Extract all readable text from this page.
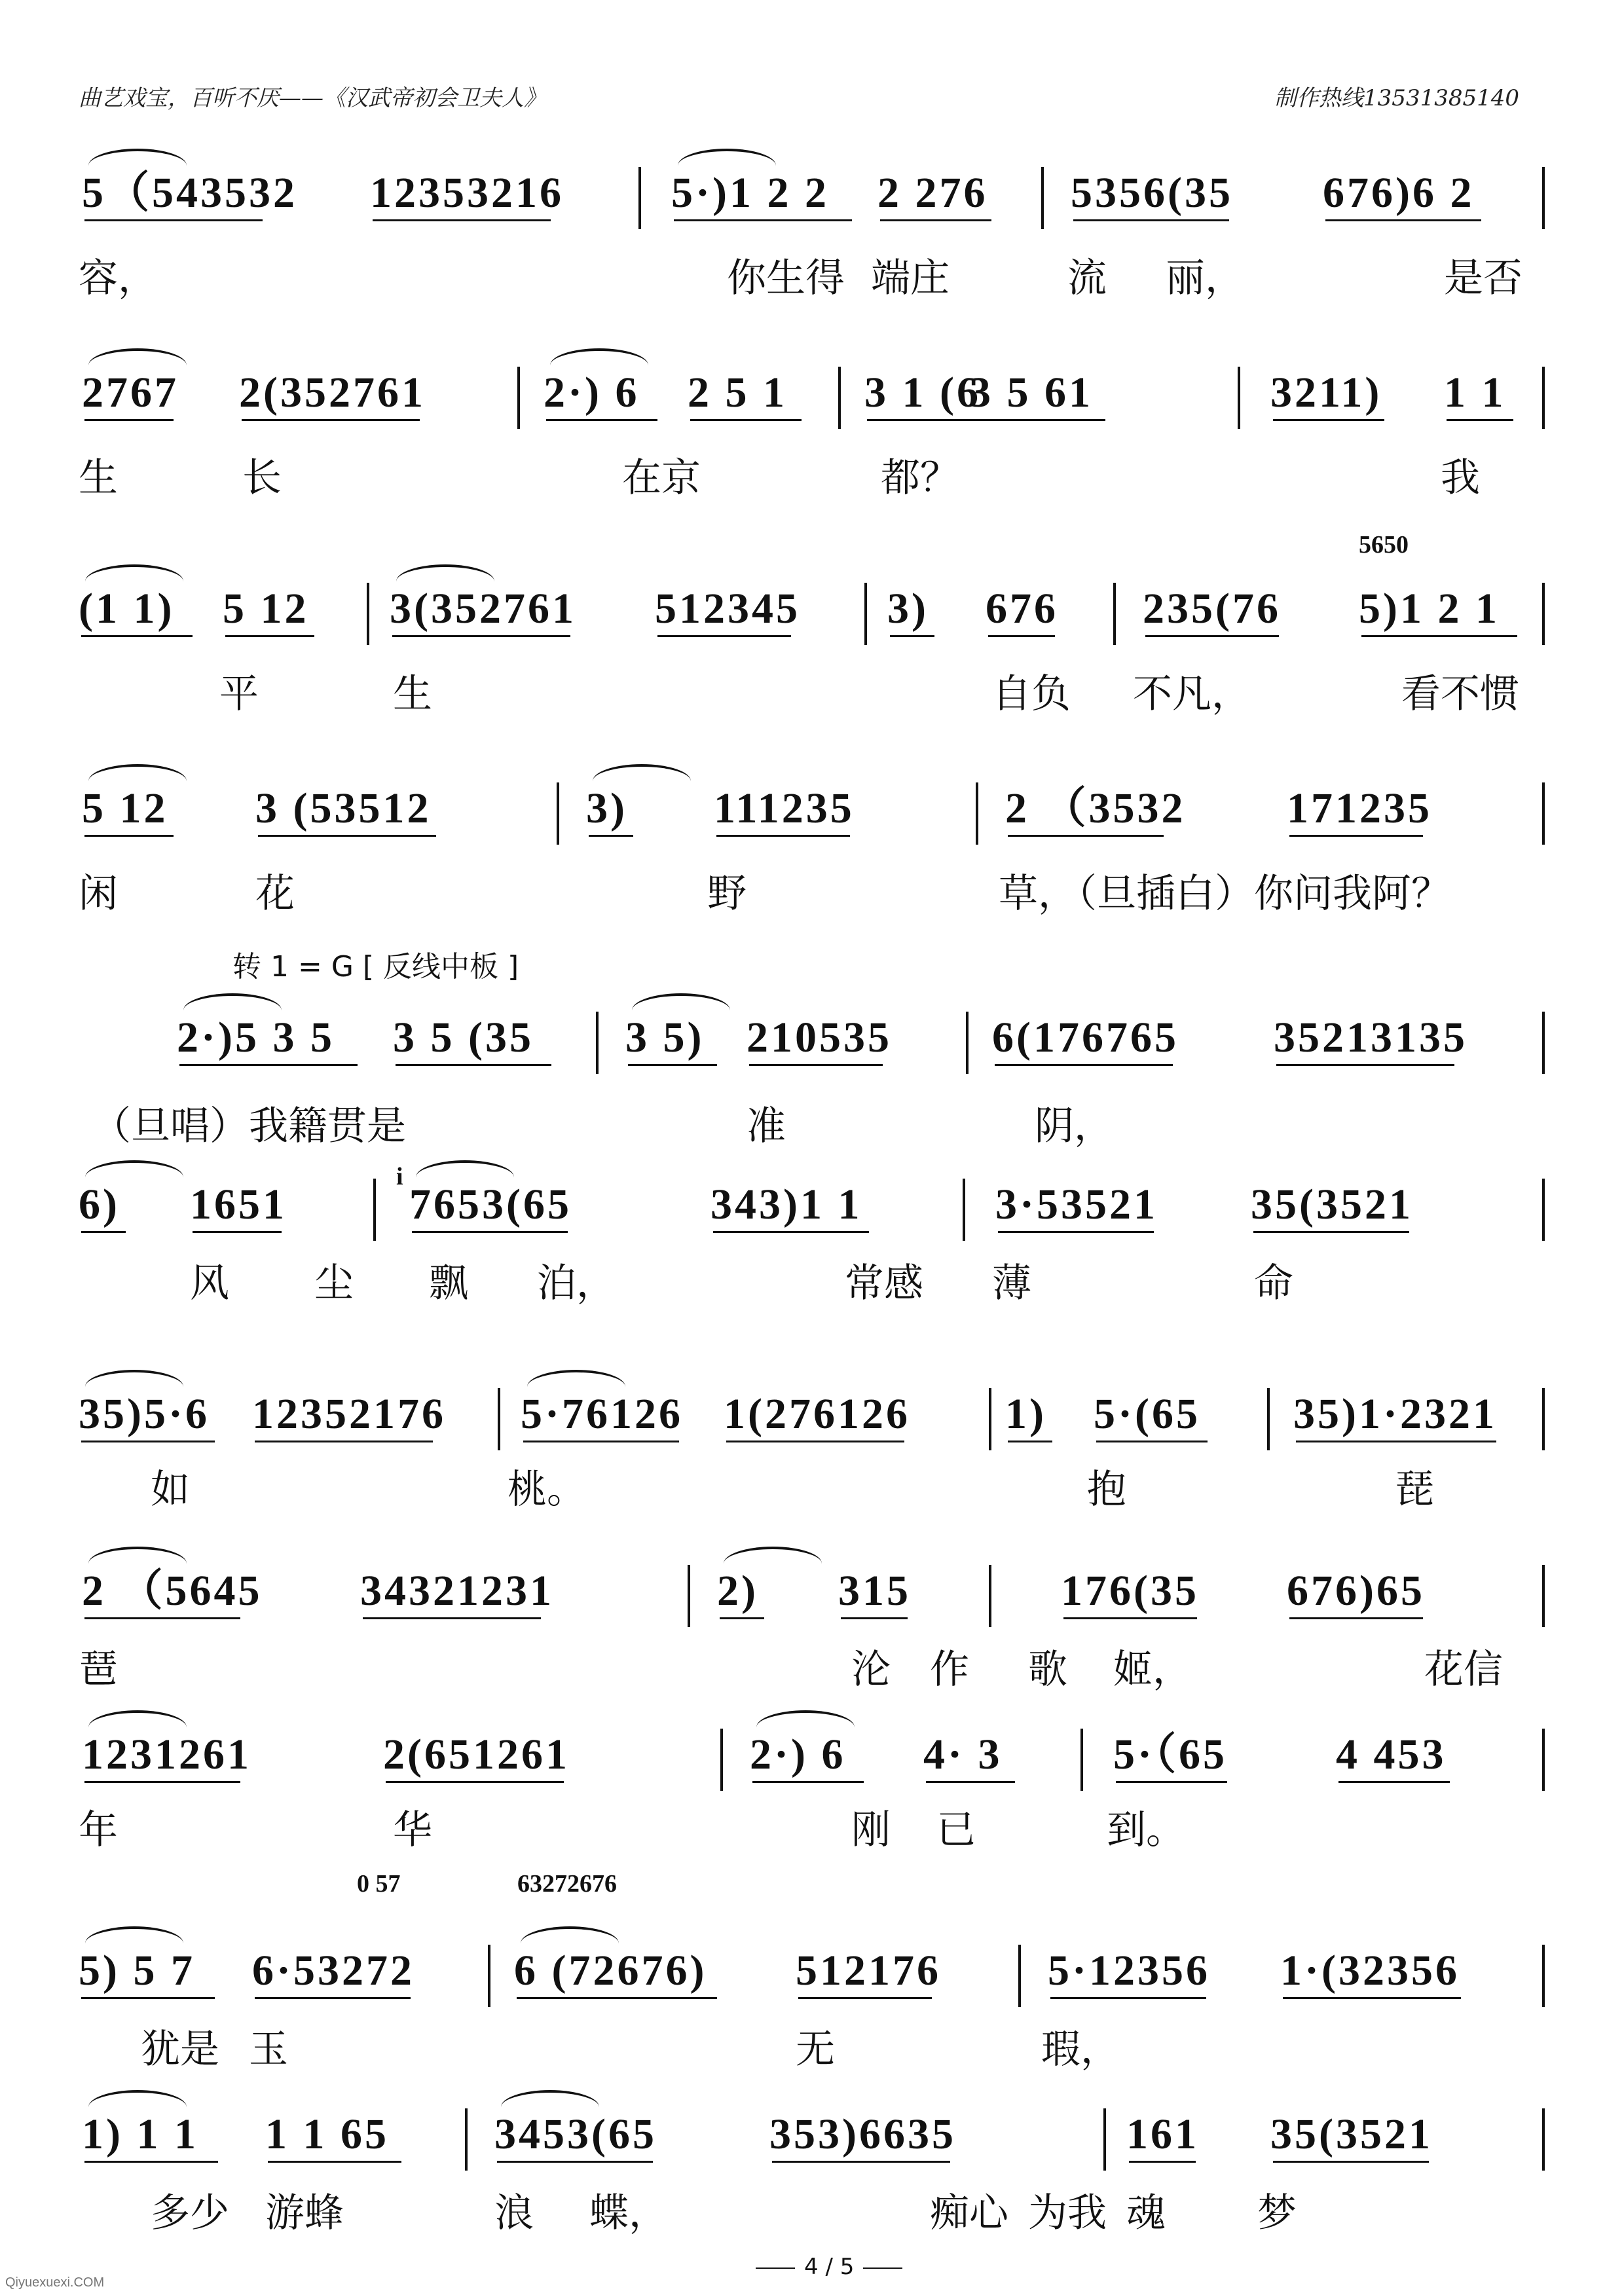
曲艺戏宝，百听不厌——《汉武帝初会卫夫人》	制作热线13531385140
5（543532 12353216 5·)1 2 2 2 276 5356(35 676)6 2
容，	你生得 端庄	流 丽，	是否
2767 2(352761	2·) 6 2 5 1 3 1 (6
3 5 61	3211) 1 1
生	长	在京	都？	我
(1 1) 5 12 3(352761 512345 3) 676 235(76 5)1 2 1
平	生	自负 不凡，	看不惯
5 12 3 (53512	3) 111235	2 （3532 171235
闲	花	野	草，（旦插白）你问我阿？
2·)5 3 5 3 5 (35 3 5) 210535 6(176765 35213135
（旦唱）我籍贯是	准	阴，
6) 1651	7653(65	343)1 1	3·53521 35(3521
风 尘 飘 泊，	常感 薄	命
35)5·6 12352176 5·76126 1(276126 1) 5·(65 35)1·2321
如	桃。	抱	琵
2 （5645 34321231	2) 315	176(35 676)65
琶	沦 作 歌 姬，	花信
1231261	2(651261	2·) 6 4· 3	5·（65	4 453
年	华	刚 已	到。
5) 5 7 6·53272 6 (72676) 512176 5·12356 1·(32356
犹是 玉	无	瑕，
1) 1 1 1 1 65 3453(65	353)6635	161 35(3521
多少 游蜂	浪 蝶，	痴心 为我 魂 梦
5650
i
0 57	63272676
转 1 = G [ 反线中板 ]
4 / 5
Qiyuexuexi.COM
